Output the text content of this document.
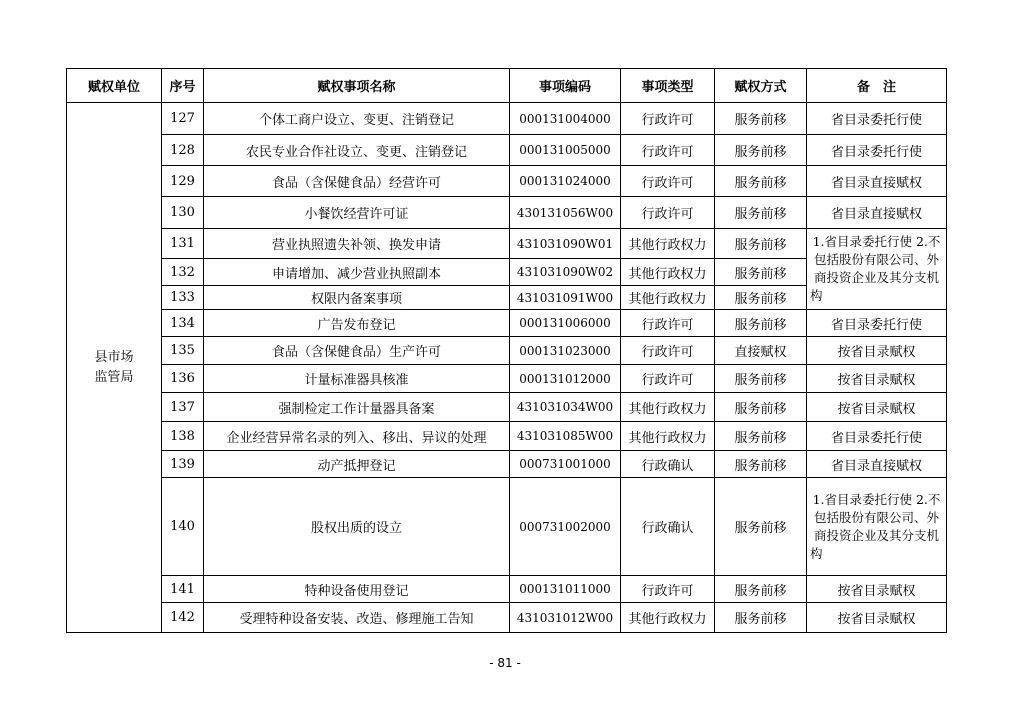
赋权单位	序号	赋权事项名称	事项编码	事项类型	赋权方式	备　注
县市场
监管局	127	个体工商户设立、变更、注销登记	000131004000	行政许可	服务前移	省目录委托行使
	128	农民专业合作社设立、变更、注销登记	000131005000	行政许可	服务前移	省目录委托行使
	129	食品（含保健食品）经营许可	000131024000	行政许可	服务前移	省目录直接赋权
	130	小餐饮经营许可证	430131056W00	行政许可	服务前移	省目录直接赋权
	131	营业执照遗失补领、换发申请	431031090W01	其他行政权力	服务前移	1.省目录委托行使 2.不包括股份有限公司、外商投资企业及其分支机构
	132	申请增加、减少营业执照副本	431031090W02	其他行政权力	服务前移	
	133	权限内备案事项	431031091W00	其他行政权力	服务前移	
	134	广告发布登记	000131006000	行政许可	服务前移	省目录委托行使
	135	食品（含保健食品）生产许可	000131023000	行政许可	直接赋权	按省目录赋权
	136	计量标准器具核准	000131012000	行政许可	服务前移	按省目录赋权
	137	强制检定工作计量器具备案	431031034W00	其他行政权力	服务前移	按省目录赋权
	138	企业经营异常名录的列入、移出、异议的处理	431031085W00	其他行政权力	服务前移	省目录委托行使
	139	动产抵押登记	000731001000	行政确认	服务前移	省目录直接赋权
	140	股权出质的设立	000731002000	行政确认	服务前移	1.省目录委托行使 2.不包括股份有限公司、外商投资企业及其分支机构
	141	特种设备使用登记	000131011000	行政许可	服务前移	按省目录赋权
	142	受理特种设备安装、改造、修理施工告知	431031012W00	其他行政权力	服务前移	按省目录赋权
- 81 -
